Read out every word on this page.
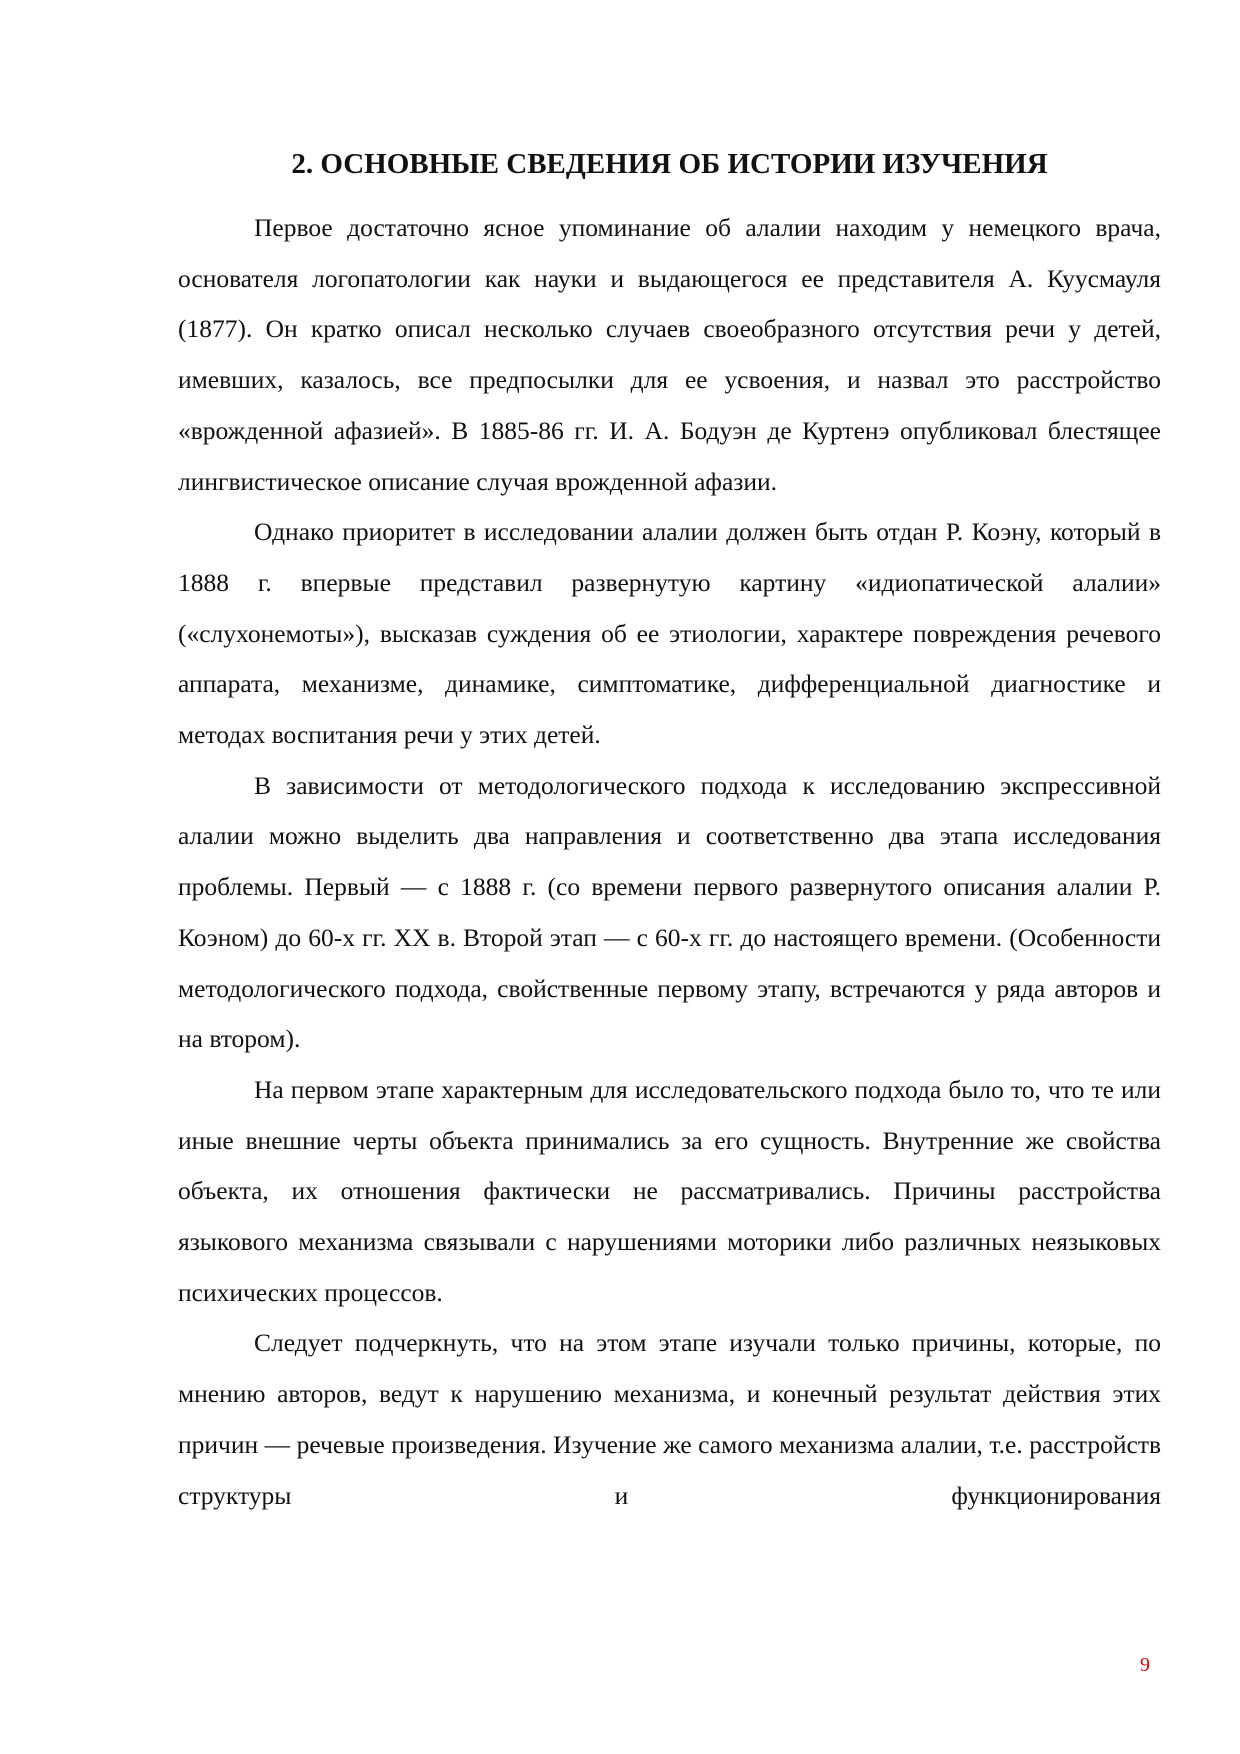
2. ОСНОВНЫЕ СВЕДЕНИЯ ОБ ИСТОРИИ ИЗУЧЕНИЯ

Первое достаточно ясное упоминание об алалии находим у немецкого врача, основателя логопатологии как науки и выдающегося ее представителя А. Куусмауля (1877). Он кратко описал несколько случаев своеобразного отсутствия речи у детей, имевших, казалось, все предпосылки для ее усвоения, и назвал это расстройство «врожденной афазией». В 1885-86 гг. И. А. Бодуэн де Куртенэ опубликовал блестящее лингвистическое описание случая врожденной афазии.

Однако приоритет в исследовании алалии должен быть отдан Р. Коэну, который в 1888 г. впервые представил развернутую картину «идиопатической алалии» («слухонемоты»), высказав суждения об ее этиологии, характере повреждения речевого аппарата, механизме, динамике, симптоматике, дифференциальной диагностике и методах воспитания речи у этих детей.

В зависимости от методологического подхода к исследованию экспрессивной алалии можно выделить два направления и соответственно два этапа исследования проблемы. Первый — с 1888 г. (со времени первого развернутого описания алалии Р. Коэном) до 60-х гг. XX в. Второй этап — с 60-х гг. до настоящего времени. (Особенности методологического подхода, свойственные первому этапу, встречаются у ряда авторов и на втором).

На первом этапе характерным для исследовательского подхода было то, что те или иные внешние черты объекта принимались за его сущность. Внутренние же свойства объекта, их отношения фактически не рассматривались. Причины расстройства языкового механизма связывали с нарушениями моторики либо различных неязыковых психических процессов.

Следует подчеркнуть, что на этом этапе изучали только причины, которые, по мнению авторов, ведут к нарушению механизма, и конечный результат действия этих причин — речевые произведения. Изучение же самого механизма алалии, т.е. расстройств структуры и функционирования

9
